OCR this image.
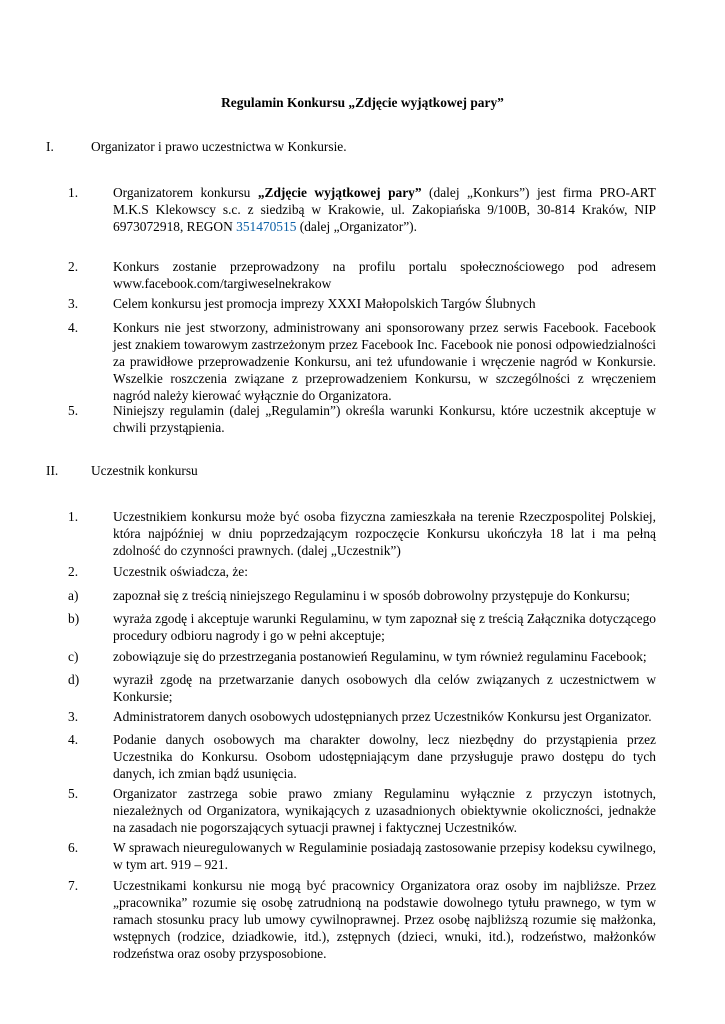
Regulamin Konkursu „Zdjęcie wyjątkowej pary”
I.	Organizator i prawo uczestnictwa w Konkursie.
1.	Organizatorem konkursu „Zdjęcie wyjątkowej pary” (dalej „Konkurs”) jest firma PRO-ART M.K.S Klekowscy s.c. z siedzibą w Krakowie, ul. Zakopiańska 9/100B, 30-814 Kraków, NIP 6973072918, REGON 351470515 (dalej „Organizator”).
2.	Konkurs zostanie przeprowadzony na profilu portalu społecznościowego pod adresem www.facebook.com/targiweselnekrakow
3.	Celem konkursu jest promocja imprezy XXXI Małopolskich Targów Ślubnych
4.	Konkurs nie jest stworzony, administrowany ani sponsorowany przez serwis Facebook. Facebook jest znakiem towarowym zastrzeżonym przez Facebook Inc. Facebook nie ponosi odpowiedzialności za prawidłowe przeprowadzenie Konkursu, ani też ufundowanie i wręczenie nagród w Konkursie. Wszelkie roszczenia związane z przeprowadzeniem Konkursu, w szczególności z wręczeniem nagród należy kierować wyłącznie do Organizatora.
5.	Niniejszy regulamin (dalej „Regulamin”) określa warunki Konkursu, które uczestnik akceptuje w chwili przystąpienia.
II. Uczestnik konkursu
1.	Uczestnikiem konkursu może być osoba fizyczna zamieszkała na terenie Rzeczpospolitej Polskiej, która najpóźniej w dniu poprzedzającym rozpoczęcie Konkursu ukończyła 18 lat i ma pełną zdolność do czynności prawnych. (dalej „Uczestnik”)
2.	Uczestnik oświadcza, że:
a)	zapoznał się z treścią niniejszego Regulaminu i w sposób dobrowolny przystępuje do Konkursu;
b)	wyraża zgodę i akceptuje warunki Regulaminu, w tym zapoznał się z treścią Załącznika dotyczącego procedury odbioru nagrody i go w pełni akceptuje;
c)	zobowiązuje się do przestrzegania postanowień Regulaminu, w tym również regulaminu Facebook;
d)	wyraził zgodę na przetwarzanie danych osobowych dla celów związanych z uczestnictwem w Konkursie;
3.	Administratorem danych osobowych udostępnianych przez Uczestników Konkursu jest Organizator.
4.	Podanie danych osobowych ma charakter dowolny, lecz niezbędny do przystąpienia przez Uczestnika do Konkursu. Osobom udostępniającym dane przysługuje prawo dostępu do tych danych, ich zmian bądź usunięcia.
5.	Organizator zastrzega sobie prawo zmiany Regulaminu wyłącznie z przyczyn istotnych, niezależnych od Organizatora, wynikających z uzasadnionych obiektywnie okoliczności, jednakże na zasadach nie pogorszających sytuacji prawnej i faktycznej Uczestników.
6.	W sprawach nieuregulowanych w Regulaminie posiadają zastosowanie przepisy kodeksu cywilnego, w tym art. 919 – 921.
7.	Uczestnikami konkursu nie mogą być pracownicy Organizatora oraz osoby im najbliższe. Przez „pracownika” rozumie się osobę zatrudnioną na podstawie dowolnego tytułu prawnego, w tym w ramach stosunku pracy lub umowy cywilnoprawnej. Przez osobę najbliższą rozumie się małżonka, wstępnych (rodzice, dziadkowie, itd.), zstępnych (dzieci, wnuki, itd.), rodzeństwo, małżonków rodzeństwa oraz osoby przysposobione.
